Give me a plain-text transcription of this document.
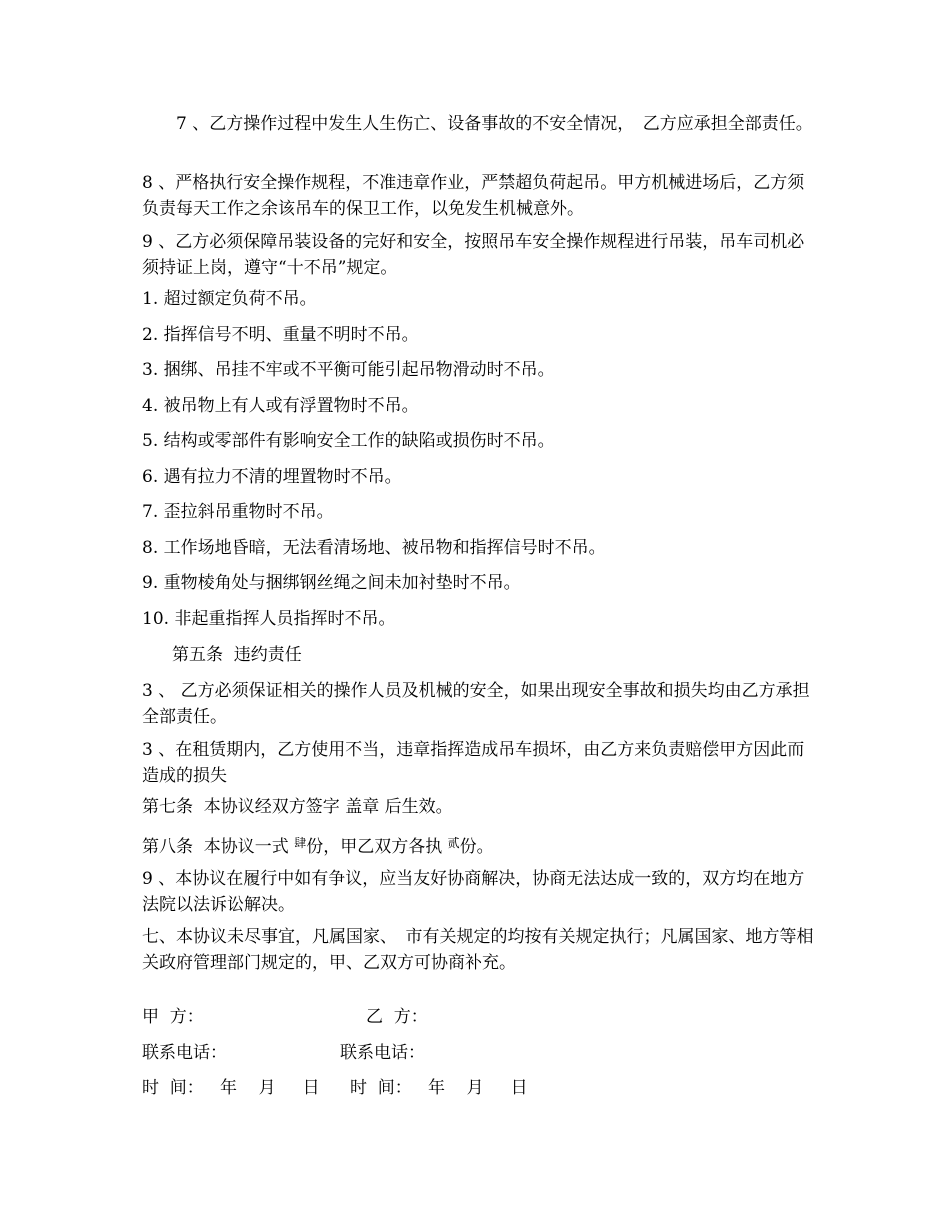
　　7 、乙方操作过程中发生人生伤亡、设备事故的不安全情况，　乙方应承担全部责任。

8 、严格执行安全操作规程，不准违章作业，严禁超负荷起吊。甲方机械进场后，乙方须负责每天工作之余该吊车的保卫工作，以免发生机械意外。

9 、乙方必须保障吊装设备的完好和安全，按照吊车安全操作规程进行吊装，吊车司机必须持证上岗，遵守“十不吊”规定。

1. 超过额定负荷不吊。

2. 指挥信号不明、重量不明时不吊。

3. 捆绑、吊挂不牢或不平衡可能引起吊物滑动时不吊。

4. 被吊物上有人或有浮置物时不吊。

5. 结构或零部件有影响安全工作的缺陷或损伤时不吊。

6. 遇有拉力不清的埋置物时不吊。

7. 歪拉斜吊重物时不吊。

8. 工作场地昏暗，无法看清场地、被吊物和指挥信号时不吊。

9. 重物棱角处与捆绑钢丝绳之间未加衬垫时不吊。

10. 非起重指挥人员指挥时不吊。

第五条  违约责任

3 、 乙方必须保证相关的操作人员及机械的安全，如果出现安全事故和损失均由乙方承担全部责任。

3 、在租赁期内，乙方使用不当，违章指挥造成吊车损坏，由乙方来负责赔偿甲方因此而造成的损失

第七条  本协议经双方签字 盖章 后生效。

第八条  本协议一式 $^肆$份，甲乙双方各执 $^贰$份。

9 、本协议在履行中如有争议，应当友好协商解决，协商无法达成一致的，双方均在地方法院以法诉讼解决。

七、本协议未尽事宜，凡属国家、　市有关规定的均按有关规定执行；凡属国家、地方等相关政府管理部门规定的，甲、乙双方可协商补充。

甲  方：	乙  方：
联系电话：	联系电话：
时  间：   年    月     日 时  间：   年    月     日
